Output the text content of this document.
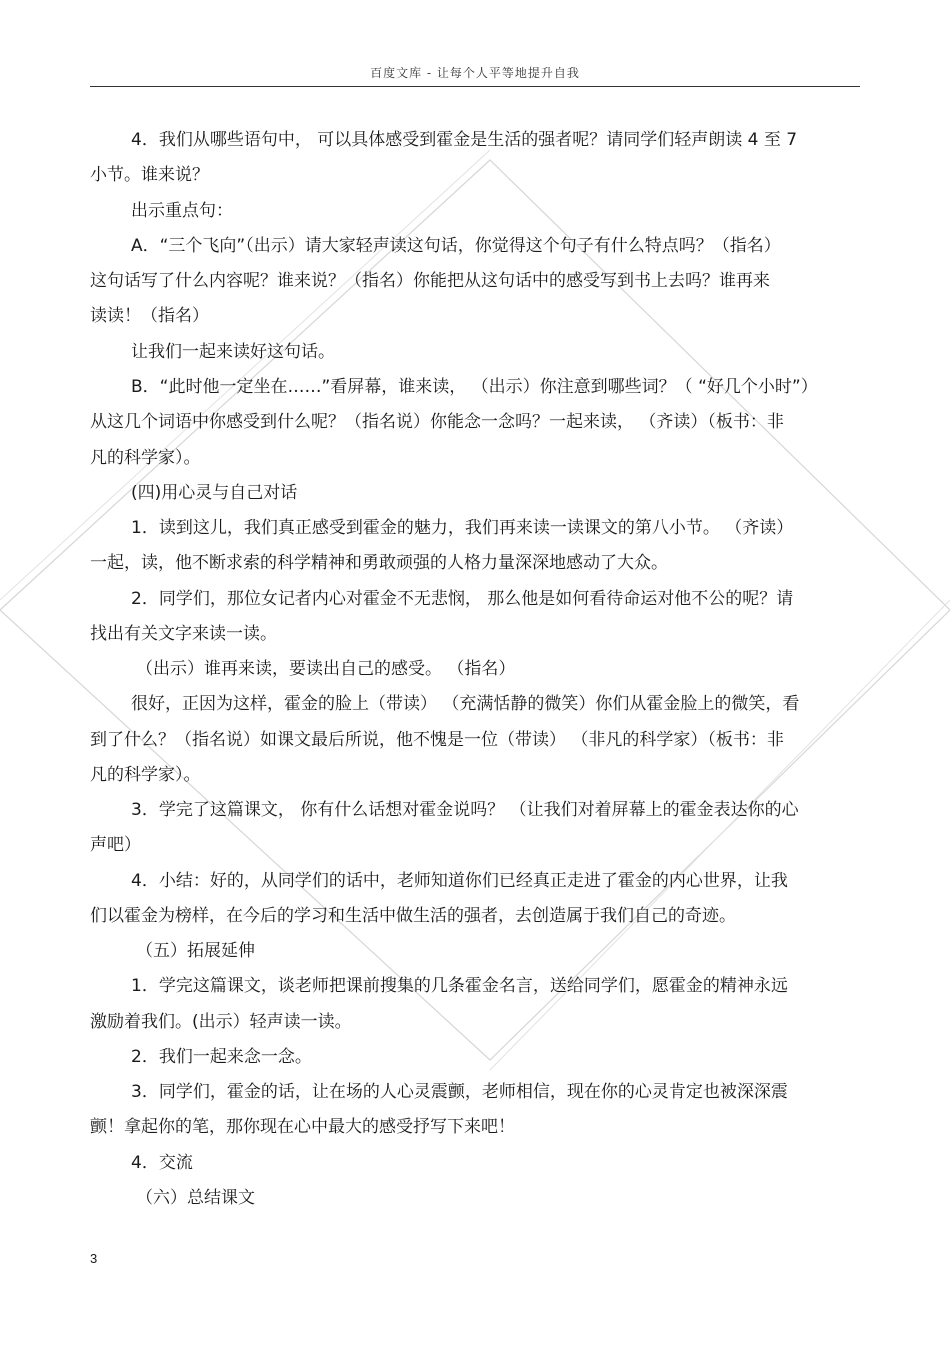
百度文库 - 让每个人平等地提升自我
4．我们从哪些语句中， 可以具体感受到霍金是生活的强者呢？请同学们轻声朗读 4 至 7
小节。谁来说？
出示重点句：
A．“三个飞向”（出示）请大家轻声读这句话，你觉得这个句子有什么特点吗？（指名）
这句话写了什么内容呢？谁来说？（指名）你能把从这句话中的感受写到书上去吗？谁再来
读读！（指名）
让我们一起来读好这句话。
B．“此时他一定坐在……”看屏幕，谁来读， （出示）你注意到哪些词？（ “好几个小时”）
从这几个词语中你感受到什么呢？（指名说）你能念一念吗？一起来读， （齐读）（板书：非
凡的科学家）。
(四)用心灵与自己对话
1．读到这儿，我们真正感受到霍金的魅力，我们再来读一读课文的第八小节。 （齐读）
一起，读，他不断求索的科学精神和勇敢顽强的人格力量深深地感动了大众。
2．同学们，那位女记者内心对霍金不无悲悯， 那么他是如何看待命运对他不公的呢？请
找出有关文字来读一读。
（出示）谁再来读，要读出自己的感受。 （指名）
很好，正因为这样，霍金的脸上（带读） （充满恬静的微笑）你们从霍金脸上的微笑，看
到了什么？（指名说）如课文最后所说，他不愧是一位（带读） （非凡的科学家）（板书：非
凡的科学家）。
3．学完了这篇课文， 你有什么话想对霍金说吗？ （让我们对着屏幕上的霍金表达你的心
声吧）
4．小结：好的，从同学们的话中，老师知道你们已经真正走进了霍金的内心世界，让我
们以霍金为榜样，在今后的学习和生活中做生活的强者，去创造属于我们自己的奇迹。
（五）拓展延伸
1．学完这篇课文，谈老师把课前搜集的几条霍金名言，送给同学们，愿霍金的精神永远
激励着我们。(出示）轻声读一读。
2．我们一起来念一念。
3．同学们，霍金的话，让在场的人心灵震颤，老师相信，现在你的心灵肯定也被深深震
颤！拿起你的笔，那你现在心中最大的感受抒写下来吧！
4．交流
（六）总结课文
3
